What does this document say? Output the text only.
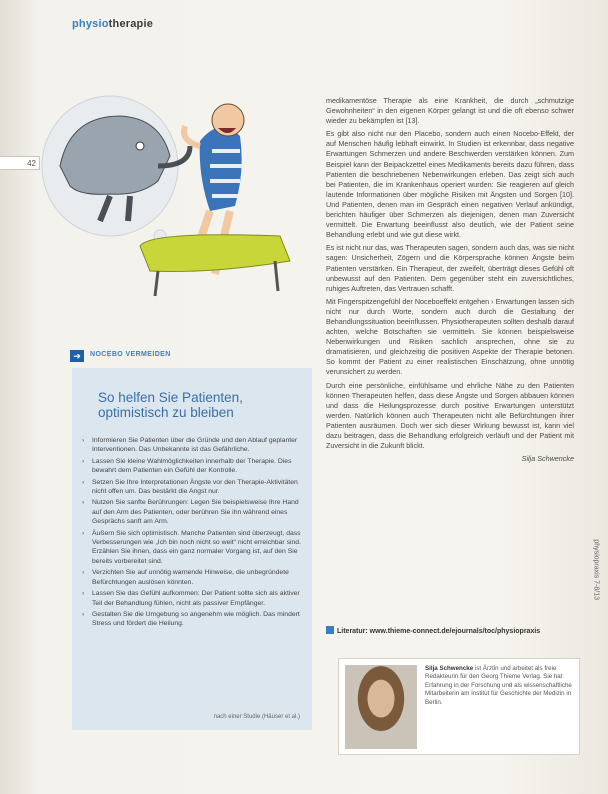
physiotherapie
42

medikamentöse Therapie als eine Krankheit, die durch „schmutzige Gewohnheiten“ in den eigenen Körper gelangt ist und die oft ebenso schwer wieder zu bekämpfen ist [13].

Es gibt also nicht nur den Placebo, sondern auch einen Nocebo-Effekt, der auf Menschen häufig lebhaft einwirkt. In Studien ist erkennbar, dass negative Erwartungen Schmerzen und andere Beschwerden verstärken können. Zum Beispiel kann der Beipackzettel eines Medikaments bereits dazu führen, dass Patienten die beschriebenen Nebenwirkungen erleben. Das zeigt sich auch bei Patienten, die im Krankenhaus operiert wurden: Sie reagieren auf gleich lautende Informationen über mögliche Risiken mit Ängsten und Sorgen [10]. Und Patienten, denen man im Gespräch einen negativen Verlauf ankündigt, berichten häufiger über Schmerzen als diejenigen, denen man Zuversicht vermittelt. Die Erwartung beeinflusst also deutlich, wie der Patient seine Behandlung erlebt und wie gut diese wirkt.

Es ist nicht nur das, was Therapeuten sagen, sondern auch das, was sie nicht sagen: Unsicherheit, Zögern und die Körpersprache können Ängste beim Patienten verstärken. Ein Therapeut, der zweifelt, überträgt dieses Gefühl oft unbewusst auf den Patienten. Dem gegenüber steht ein zuversichtliches, ruhiges Auftreten, das Vertrauen schafft.

Mit Fingerspitzengefühl der Noceboeffekt entgehen › Erwartungen lassen sich nicht nur durch Worte, sondern auch durch die Gestaltung der Behandlungssituation beeinflussen. Physiotherapeuten sollten deshalb darauf achten, welche Botschaften sie vermitteln. Sie können beispielsweise Nebenwirkungen und Risiken sachlich ansprechen, ohne sie zu dramatisieren, und gleichzeitig die positiven Aspekte der Therapie betonen. So kommt der Patient zu einer realistischen Einschätzung, ohne unnötig verunsichert zu werden.

Durch eine persönliche, einfühlsame und ehrliche Nähe zu den Patienten können Therapeuten helfen, dass diese Ängste und Sorgen abbauen können und dass die Heilungsprozesse durch positive Erwartungen unterstützt werden. Natürlich können auch Therapeuten nicht alle Befürchtungen ihrer Patienten ausräumen. Doch wer sich dieser Wirkung bewusst ist, kann viel dazu beitragen, dass die Behandlung erfolgreich verläuft und der Patient mit Zuversicht in die Zukunft blickt.

Silja Schwencke
Literatur: www.thieme-connect.de/ejournals/toc/physiopraxis
Silja Schwencke ist Ärztin und arbeitet als freie Redakteurin für den Georg Thieme Verlag. Sie hat Erfahrung in der Forschung und als wissenschaftliche Mitarbeiterin am Institut für Geschichte der Medizin in Berlin.
➔	NOCEBO VERMEIDEN
So helfen Sie Patienten, optimistisch zu bleiben
› Informieren Sie Patienten über die Gründe und den Ablauf geplanter Interventionen. Das Unbekannte ist das Gefährliche.
› Lassen Sie kleine Wahlmöglichkeiten innerhalb der Therapie. Dies bewahrt dem Patienten ein Gefühl der Kontrolle.
› Setzen Sie Ihre Interpretationen Ängste vor den Therapie-Aktivitäten nicht offen um. Das bestärkt die Angst nur.
› Nutzen Sie sanfte Berührungen: Legen Sie beispielsweise Ihre Hand auf den Arm des Patienten, oder berühren Sie ihn während eines Gesprächs sanft am Arm.
› Äußern Sie sich optimistisch. Manche Patienten sind überzeugt, dass Verbesserungen wie „Ich bin noch nicht so weit“ nicht erreichbar sind. Erzählen Sie ihnen, dass ein ganz normaler Vorgang ist, auf den Sie bereits vorbereitet sind.
› Verzichten Sie auf unnötig warnende Hinweise, die unbegründete Befürchtungen auslösen könnten.
› Lassen Sie das Gefühl aufkommen: Der Patient sollte sich als aktiver Teil der Behandlung fühlen, nicht als passiver Empfänger.
› Gestalten Sie die Umgebung so angenehm wie möglich. Das mindert Stress und fördert die Heilung.
nach einer Studie (Häuser et al.)
physiopraxis 7-8/13
